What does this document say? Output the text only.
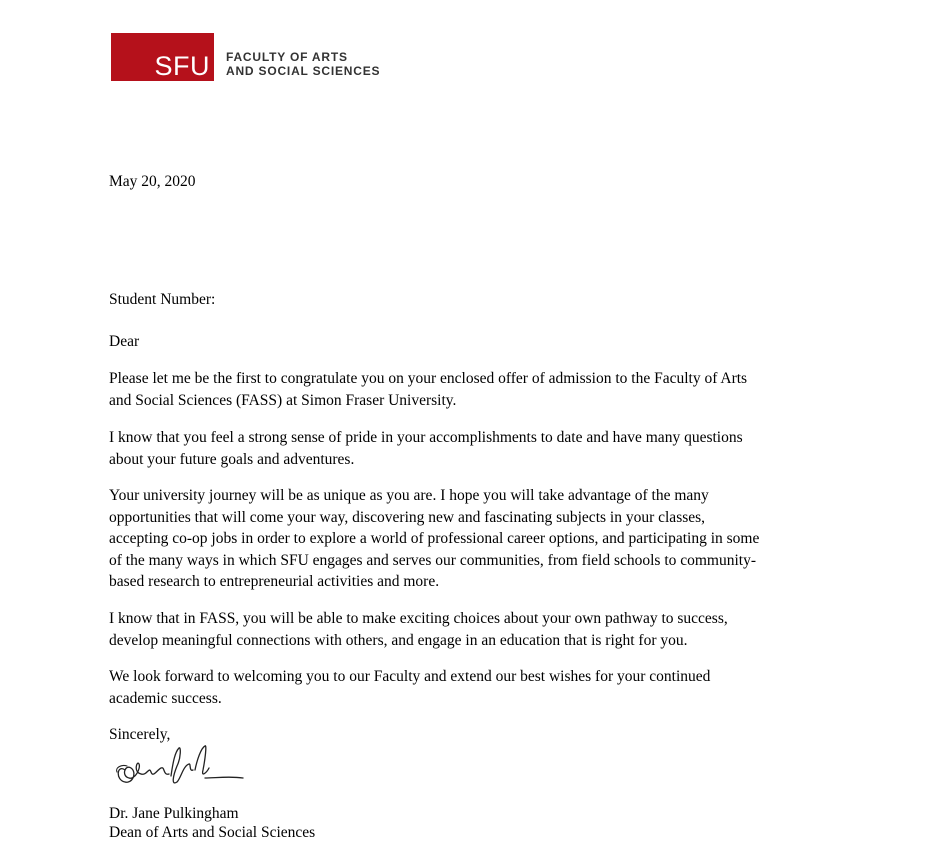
SFU FACULTY OF ARTS
AND SOCIAL SCIENCES
May 20, 2020
Student Number:
Dear
Please let me be the first to congratulate you on your enclosed offer of admission to the Faculty of Arts
and Social Sciences (FASS) at Simon Fraser University.
I know that you feel a strong sense of pride in your accomplishments to date and have many questions
about your future goals and adventures.
Your university journey will be as unique as you are. I hope you will take advantage of the many
opportunities that will come your way, discovering new and fascinating subjects in your classes,
accepting co-op jobs in order to explore a world of professional career options, and participating in some
of the many ways in which SFU engages and serves our communities, from field schools to community-
based research to entrepreneurial activities and more.
I know that in FASS, you will be able to make exciting choices about your own pathway to success,
develop meaningful connections with others, and engage in an education that is right for you.
We look forward to welcoming you to our Faculty and extend our best wishes for your continued
academic success.
Sincerely,
Dr. Jane Pulkingham
Dean of Arts and Social Sciences
